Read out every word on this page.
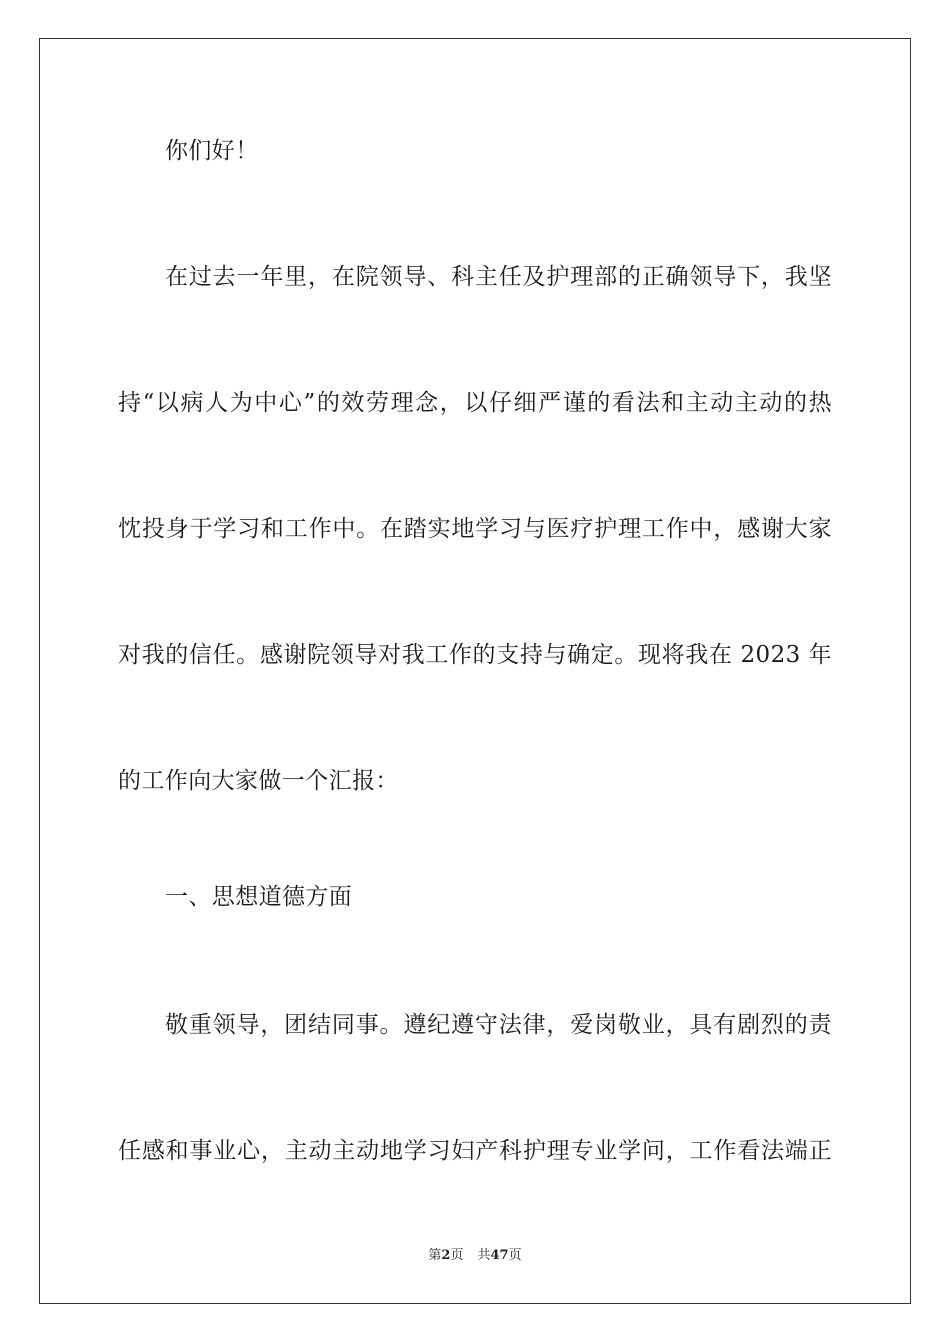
你们好！
在过去一年里，在院领导、科主任及护理部的正确领导下，我坚
持“以病人为中心”的效劳理念，以仔细严谨的看法和主动主动的热
忱投身于学习和工作中。在踏实地学习与医疗护理工作中，感谢大家
对我的信任。感谢院领导对我工作的支持与确定。现将我在 2023 年
的工作向大家做一个汇报：
一、思想道德方面
敬重领导，团结同事。遵纪遵守法律，爱岗敬业，具有剧烈的责
任感和事业心，主动主动地学习妇产科护理专业学问，工作看法端正
第2页 共47页
